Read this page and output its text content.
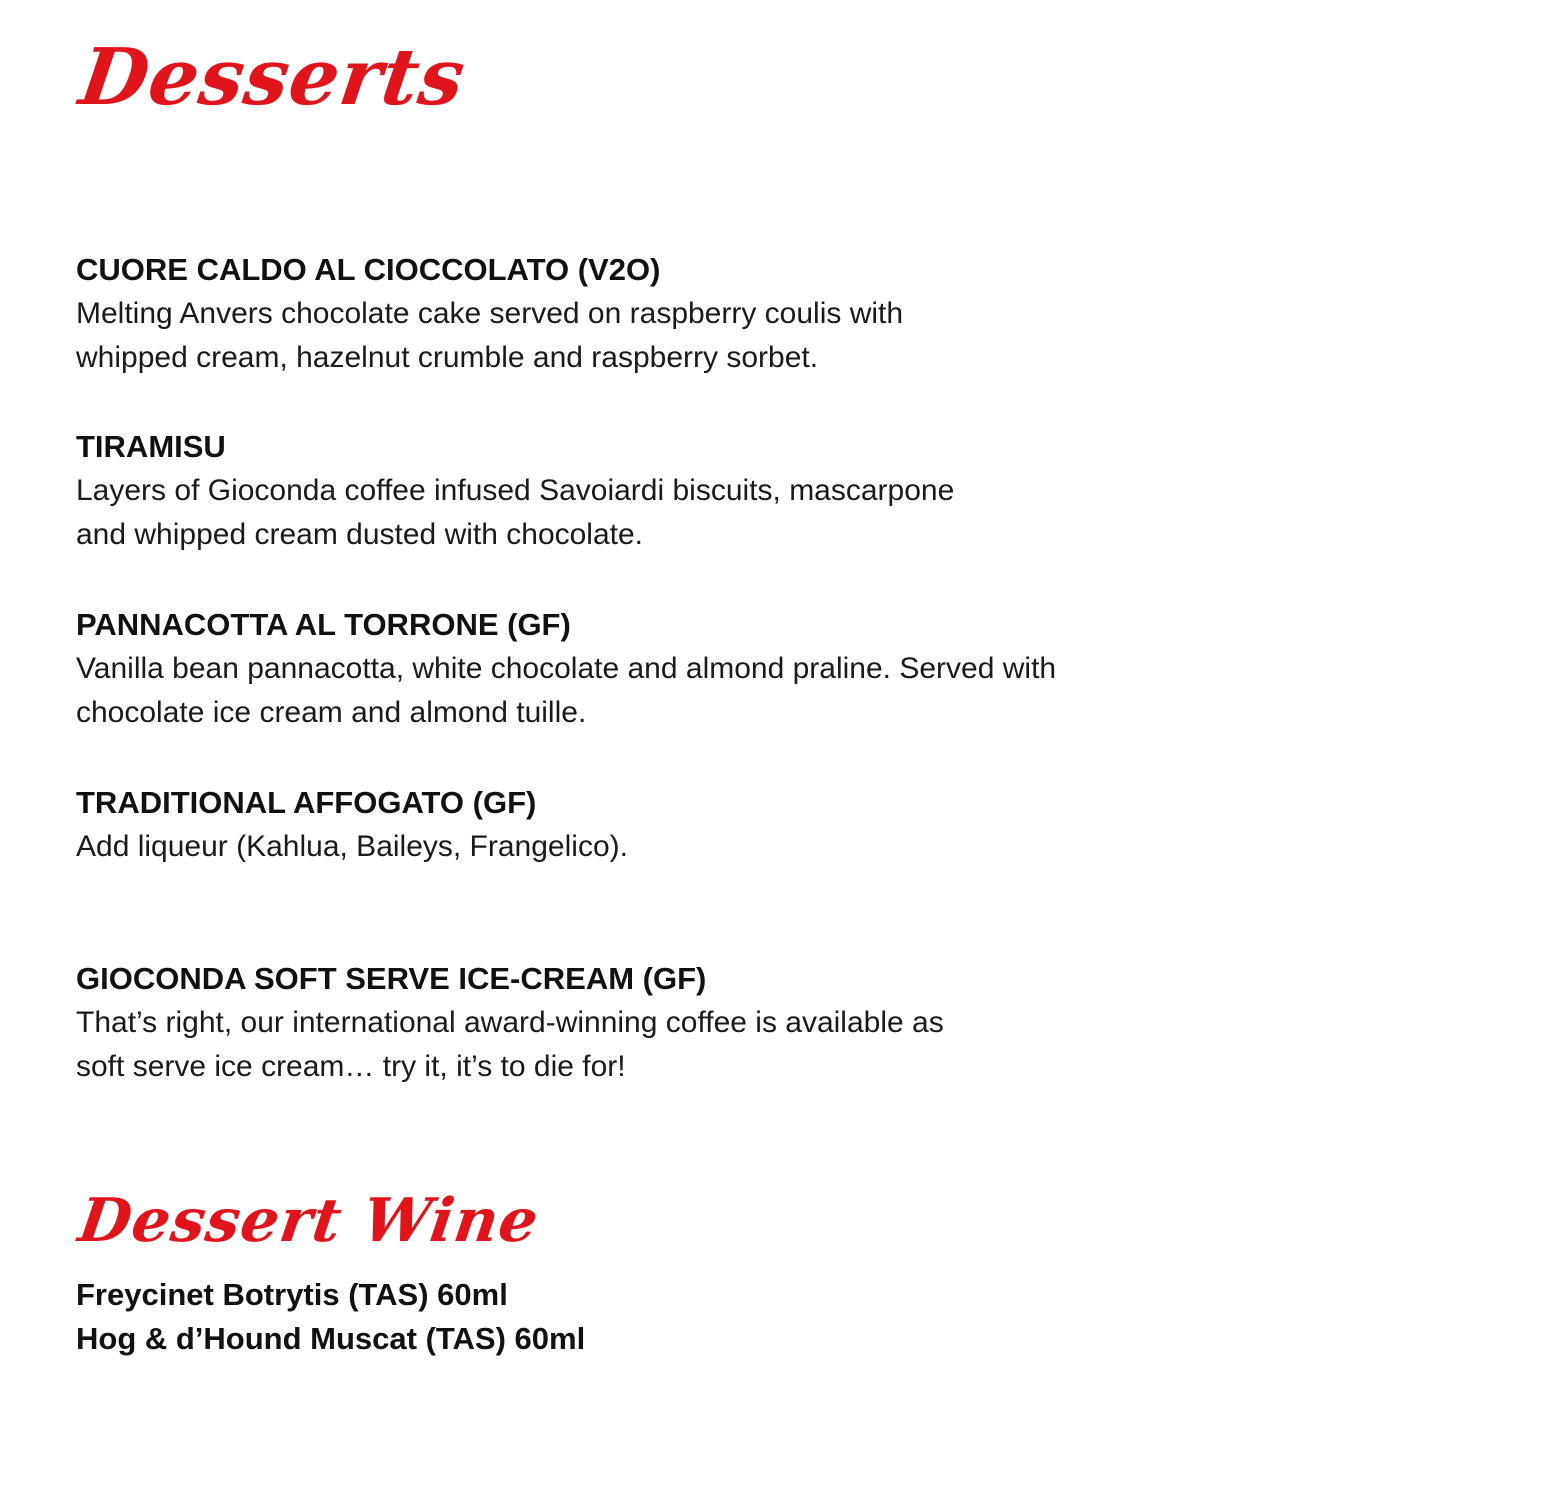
Desserts

CUORE CALDO AL CIOCCOLATO (V2O)

Melting Anvers chocolate cake served on raspberry coulis with
whipped cream, hazelnut crumble and raspberry sorbet.

TIRAMISU

Layers of Gioconda coffee infused Savoiardi biscuits, mascarpone
and whipped cream dusted with chocolate.

PANNACOTTA AL TORRONE (GF)

Vanilla bean pannacotta, white chocolate and almond praline. Served with
chocolate ice cream and almond tuille.

TRADITIONAL AFFOGATO (GF)

Add liqueur (Kahlua, Baileys, Frangelico).

GIOCONDA SOFT SERVE ICE-CREAM (GF)

That’s right, our international award-winning coffee is available as
soft serve ice cream… try it, it’s to die for!

Dessert Wine

Freycinet Botrytis (TAS) 60ml

Hog & d’Hound Muscat (TAS) 60ml
